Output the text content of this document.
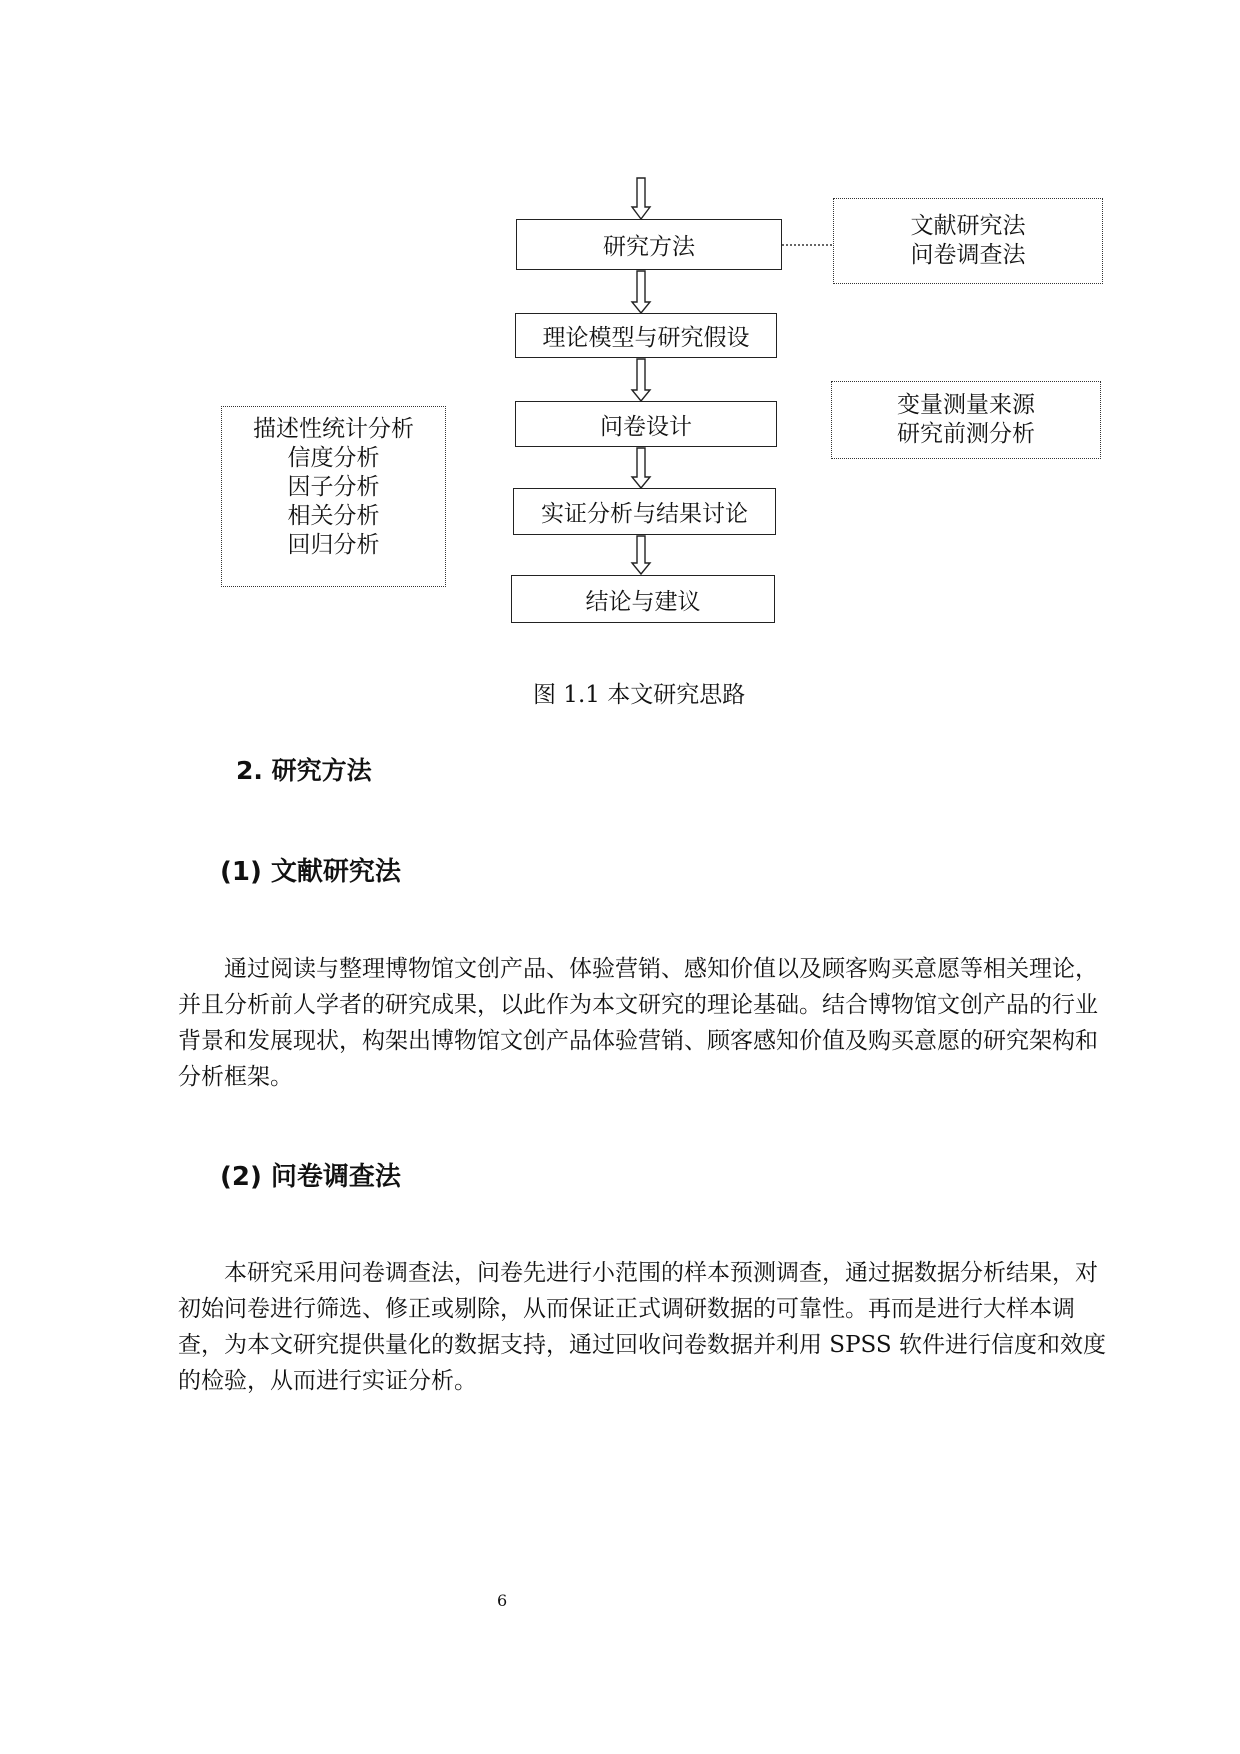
研究方法
理论模型与研究假设
问卷设计
实证分析与结果讨论
结论与建议
文献研究法
问卷调查法
变量测量来源
研究前测分析
描述性统计分析
信度分析
因子分析
相关分析
回归分析
图 1.1 本文研究思路
2. 研究方法
(1) 文献研究法

通过阅读与整理博物馆文创产品、体验营销、感知价值以及顾客购买意愿等相关理论，并且分析前人学者的研究成果，以此作为本文研究的理论基础。结合博物馆文创产品的行业背景和发展现状，构架出博物馆文创产品体验营销、顾客感知价值及购买意愿的研究架构和分析框架。

(2) 问卷调查法

本研究采用问卷调查法，问卷先进行小范围的样本预测调查，通过据数据分析结果，对初始问卷进行筛选、修正或剔除，从而保证正式调研数据的可靠性。再而是进行大样本调查，为本文研究提供量化的数据支持，通过回收问卷数据并利用 SPSS 软件进行信度和效度的检验，从而进行实证分析。

6
